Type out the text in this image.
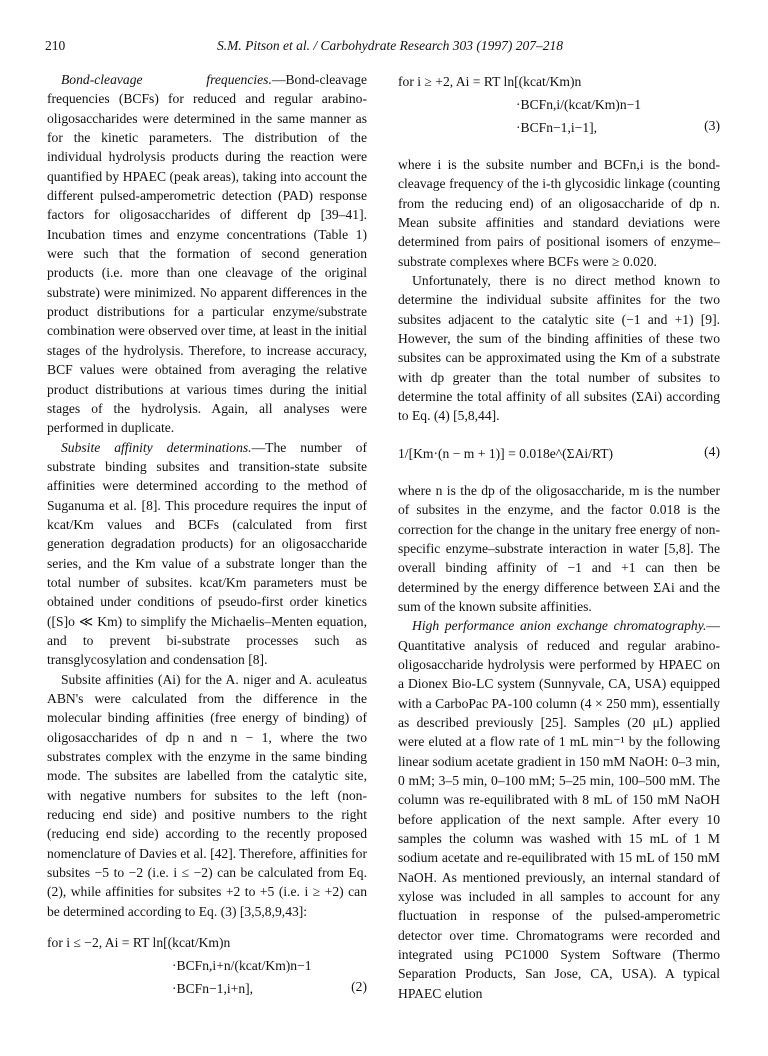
210	S.M. Pitson et al. / Carbohydrate Research 303 (1997) 207–218

Bond-cleavage frequencies.—Bond-cleavage frequencies (BCFs) for reduced and regular arabino-oligosaccharides were determined in the same manner as for the kinetic parameters. The distribution of the individual hydrolysis products during the reaction were quantified by HPAEC (peak areas), taking into account the different pulsed-amperometric detection (PAD) response factors for oligosaccharides of different dp [39–41]. Incubation times and enzyme concentrations (Table 1) were such that the formation of second generation products (i.e. more than one cleavage of the original substrate) were minimized. No apparent differences in the product distributions for a particular enzyme/substrate combination were observed over time, at least in the initial stages of the hydrolysis. Therefore, to increase accuracy, BCF values were obtained from averaging the relative product distributions at various times during the initial stages of the hydrolysis. Again, all analyses were performed in duplicate.

Subsite affinity determinations.—The number of substrate binding subsites and transition-state subsite affinities were determined according to the method of Suganuma et al. [8]. This procedure requires the input of kcat/Km values and BCFs (calculated from first generation degradation products) for an oligosaccharide series, and the Km value of a substrate longer than the total number of subsites. kcat/Km parameters must be obtained under conditions of pseudo-first order kinetics ([S]o ≪ Km) to simplify the Michaelis–Menten equation, and to prevent bi-substrate processes such as transglycosylation and condensation [8].

Subsite affinities (Ai) for the A. niger and A. aculeatus ABN's were calculated from the difference in the molecular binding affinities (free energy of binding) of oligosaccharides of dp n and n − 1, where the two substrates complex with the enzyme in the same binding mode. The subsites are labelled from the catalytic site, with negative numbers for subsites to the left (non-reducing end side) and positive numbers to the right (reducing end side) according to the recently proposed nomenclature of Davies et al. [42]. Therefore, affinities for subsites −5 to −2 (i.e. i ≤ −2) can be calculated from Eq. (2), while affinities for subsites +2 to +5 (i.e. i ≥ +2) can be determined according to Eq. (3) [3,5,8,9,43]:

for i ≤ −2, Ai = RT ln[(kcat/Km)n
·BCFn,i+n/(kcat/Km)n−1
·BCFn−1,i+n],	(2)
for i ≥ +2, Ai = RT ln[(kcat/Km)n
·BCFn,i/(kcat/Km)n−1
·BCFn−1,i−1],	(3)

where i is the subsite number and BCFn,i is the bond-cleavage frequency of the i-th glycosidic linkage (counting from the reducing end) of an oligosaccharide of dp n. Mean subsite affinities and standard deviations were determined from pairs of positional isomers of enzyme–substrate complexes where BCFs were ≥ 0.020.

Unfortunately, there is no direct method known to determine the individual subsite affinites for the two subsites adjacent to the catalytic site (−1 and +1) [9]. However, the sum of the binding affinities of these two subsites can be approximated using the Km of a substrate with dp greater than the total number of subsites to determine the total affinity of all subsites (ΣAi) according to Eq. (4) [5,8,44].

1/[Km·(n − m + 1)] = 0.018e^(ΣAi/RT)	(4)

where n is the dp of the oligosaccharide, m is the number of subsites in the enzyme, and the factor 0.018 is the correction for the change in the unitary free energy of non-specific enzyme–substrate interaction in water [5,8]. The overall binding affinity of −1 and +1 can then be determined by the energy difference between ΣAi and the sum of the known subsite affinities.

High performance anion exchange chromatography.—Quantitative analysis of reduced and regular arabino-oligosaccharide hydrolysis were performed by HPAEC on a Dionex Bio-LC system (Sunnyvale, CA, USA) equipped with a CarboPac PA-100 column (4 × 250 mm), essentially as described previously [25]. Samples (20 μL) applied were eluted at a flow rate of 1 mL min⁻¹ by the following linear sodium acetate gradient in 150 mM NaOH: 0–3 min, 0 mM; 3–5 min, 0–100 mM; 5–25 min, 100–500 mM. The column was re-equilibrated with 8 mL of 150 mM NaOH before application of the next sample. After every 10 samples the column was washed with 15 mL of 1 M sodium acetate and re-equilibrated with 15 mL of 150 mM NaOH. As mentioned previously, an internal standard of xylose was included in all samples to account for any fluctuation in response of the pulsed-amperometric detector over time. Chromatograms were recorded and integrated using PC1000 System Software (Thermo Separation Products, San Jose, CA, USA). A typical HPAEC elution
